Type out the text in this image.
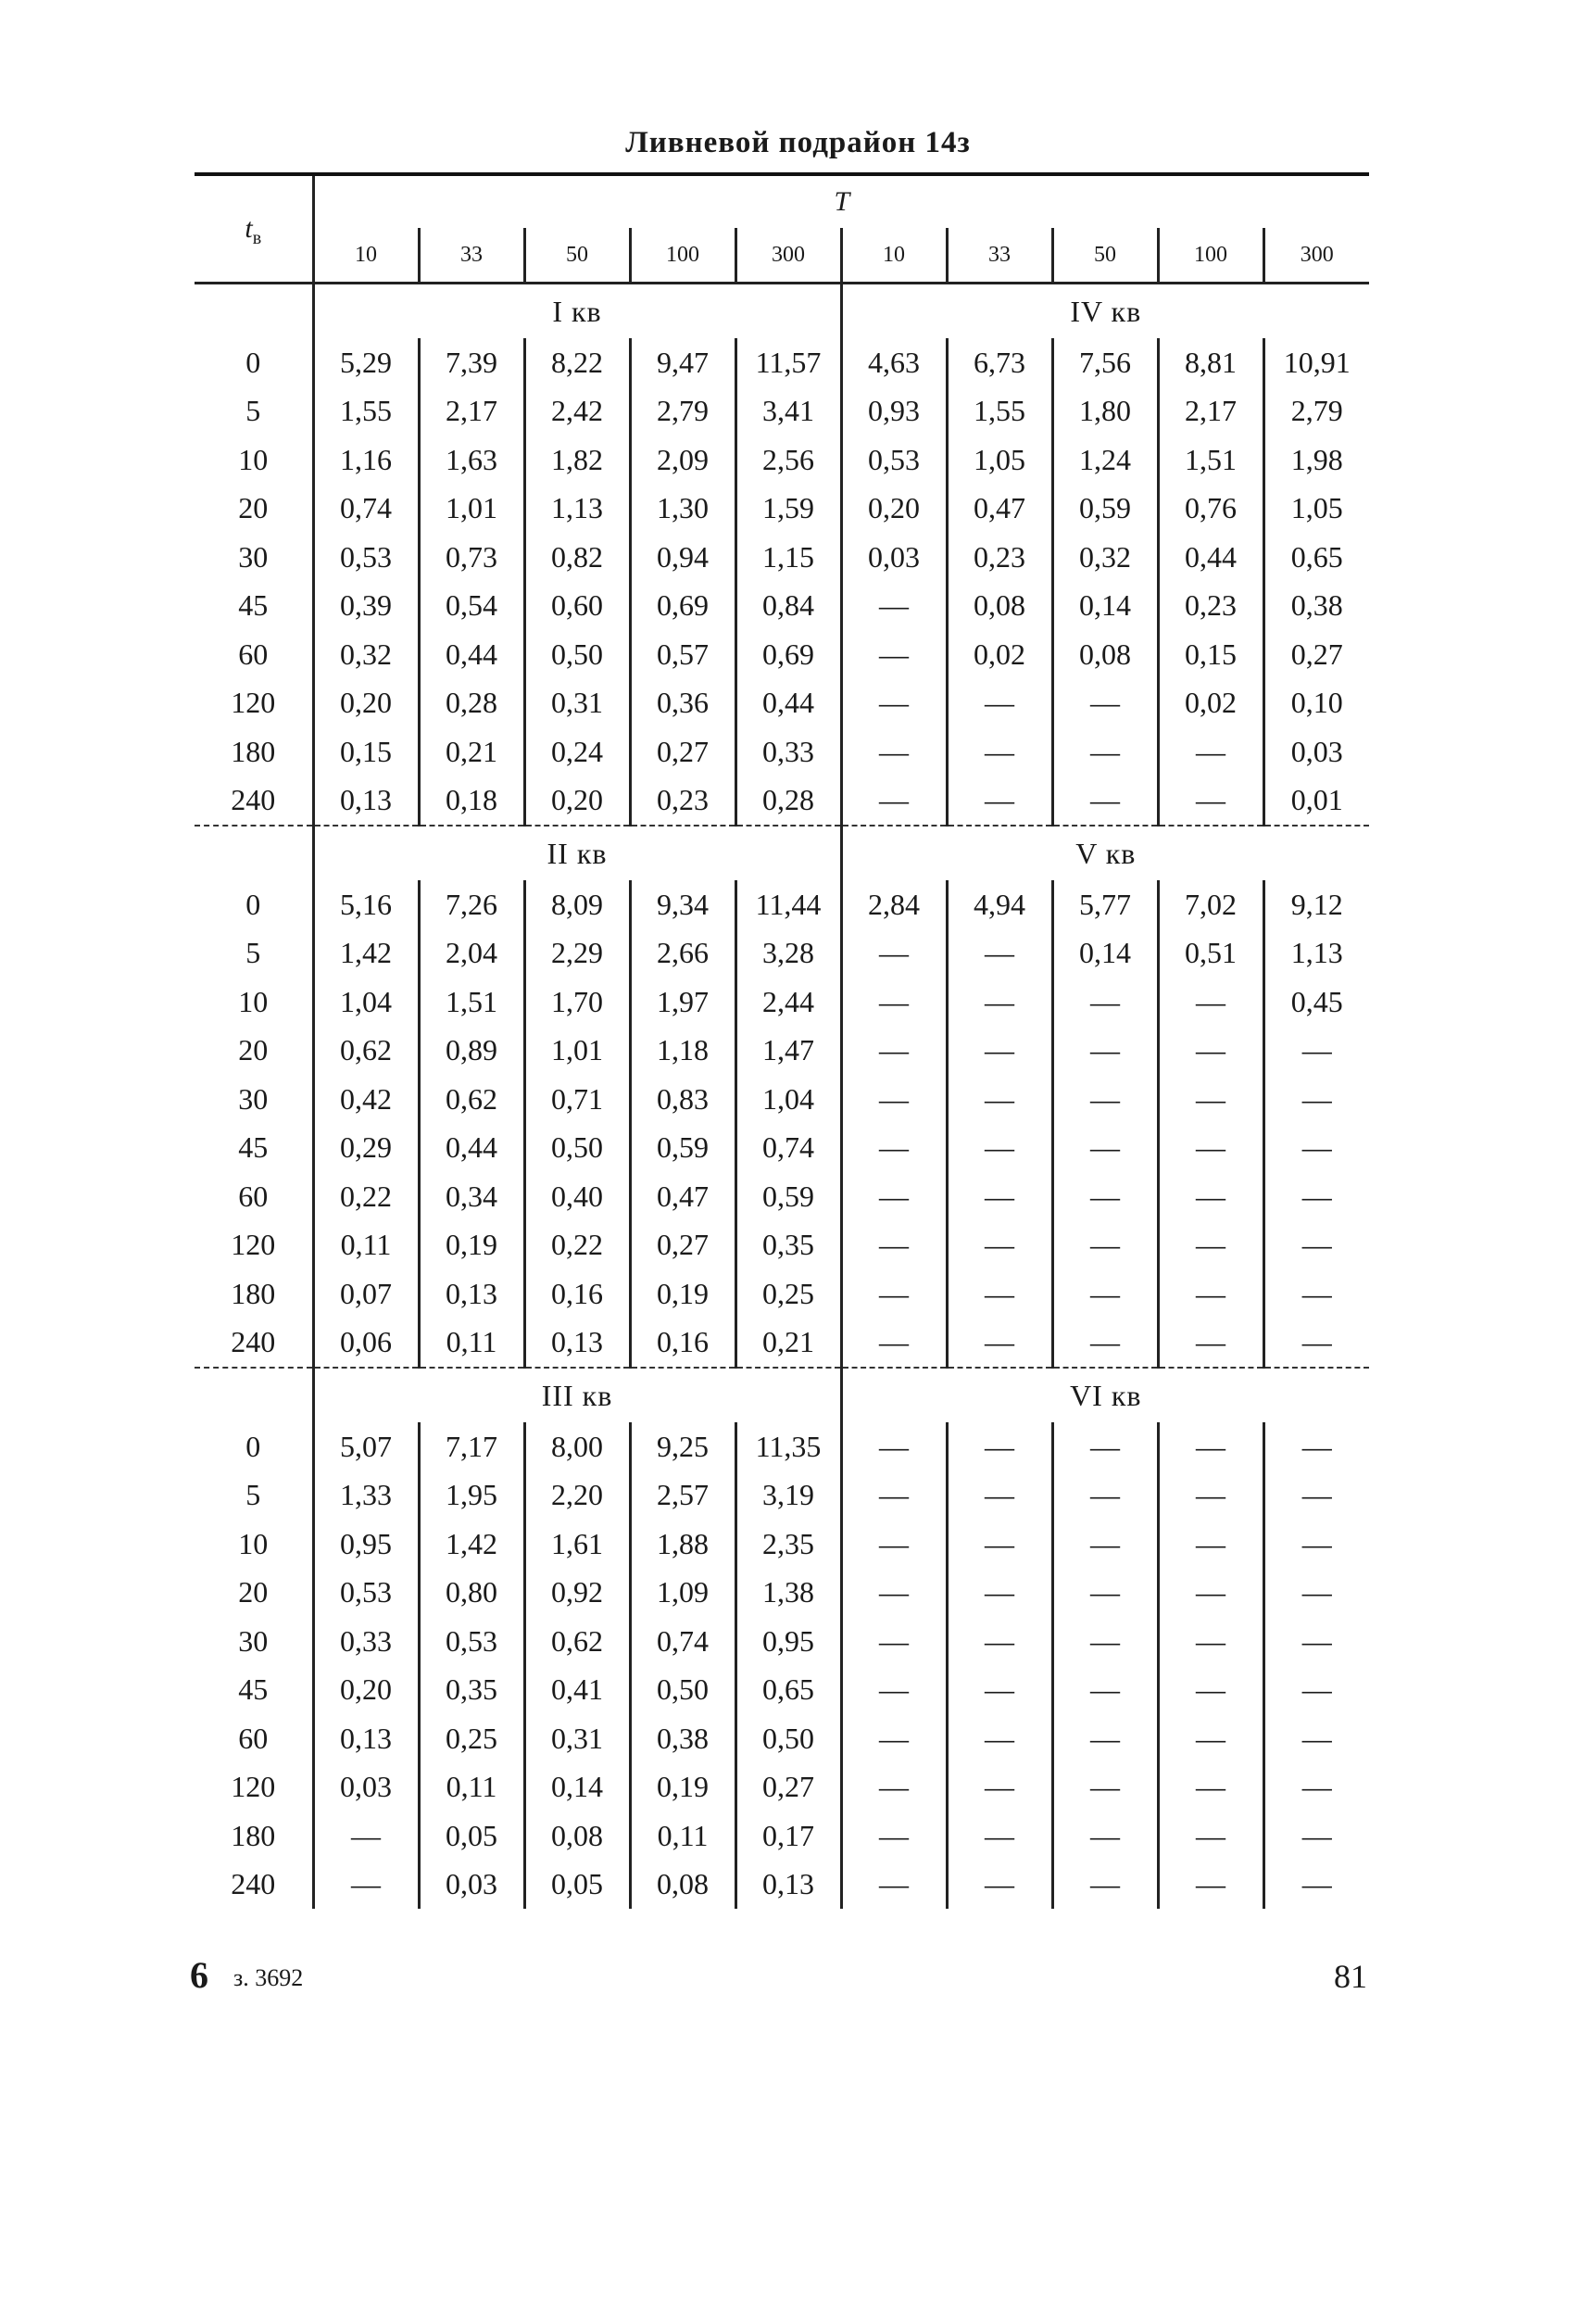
Ливневой подрайон 14з
$t_в$	T									
	10	33	50	100	300	10	33	50	100	300
	I кв					IV кв				
0	5,29	7,39	8,22	9,47	11,57	4,63	6,73	7,56	8,81	10,91
5	1,55	2,17	2,42	2,79	3,41	0,93	1,55	1,80	2,17	2,79
10	1,16	1,63	1,82	2,09	2,56	0,53	1,05	1,24	1,51	1,98
20	0,74	1,01	1,13	1,30	1,59	0,20	0,47	0,59	0,76	1,05
30	0,53	0,73	0,82	0,94	1,15	0,03	0,23	0,32	0,44	0,65
45	0,39	0,54	0,60	0,69	0,84	—	0,08	0,14	0,23	0,38
60	0,32	0,44	0,50	0,57	0,69	—	0,02	0,08	0,15	0,27
120	0,20	0,28	0,31	0,36	0,44	—	—	—	0,02	0,10
180	0,15	0,21	0,24	0,27	0,33	—	—	—	—	0,03
240	0,13	0,18	0,20	0,23	0,28	—	—	—	—	0,01
	II кв					V кв				
0	5,16	7,26	8,09	9,34	11,44	2,84	4,94	5,77	7,02	9,12
5	1,42	2,04	2,29	2,66	3,28	—	—	0,14	0,51	1,13
10	1,04	1,51	1,70	1,97	2,44	—	—	—	—	0,45
20	0,62	0,89	1,01	1,18	1,47	—	—	—	—	—
30	0,42	0,62	0,71	0,83	1,04	—	—	—	—	—
45	0,29	0,44	0,50	0,59	0,74	—	—	—	—	—
60	0,22	0,34	0,40	0,47	0,59	—	—	—	—	—
120	0,11	0,19	0,22	0,27	0,35	—	—	—	—	—
180	0,07	0,13	0,16	0,19	0,25	—	—	—	—	—
240	0,06	0,11	0,13	0,16	0,21	—	—	—	—	—
	III кв					VI кв				
0	5,07	7,17	8,00	9,25	11,35	—	—	—	—	—
5	1,33	1,95	2,20	2,57	3,19	—	—	—	—	—
10	0,95	1,42	1,61	1,88	2,35	—	—	—	—	—
20	0,53	0,80	0,92	1,09	1,38	—	—	—	—	—
30	0,33	0,53	0,62	0,74	0,95	—	—	—	—	—
45	0,20	0,35	0,41	0,50	0,65	—	—	—	—	—
60	0,13	0,25	0,31	0,38	0,50	—	—	—	—	—
120	0,03	0,11	0,14	0,19	0,27	—	—	—	—	—
180	—	0,05	0,08	0,11	0,17	—	—	—	—	—
240	—	0,03	0,05	0,08	0,13	—	—	—	—	—
6 з. 3692	81
